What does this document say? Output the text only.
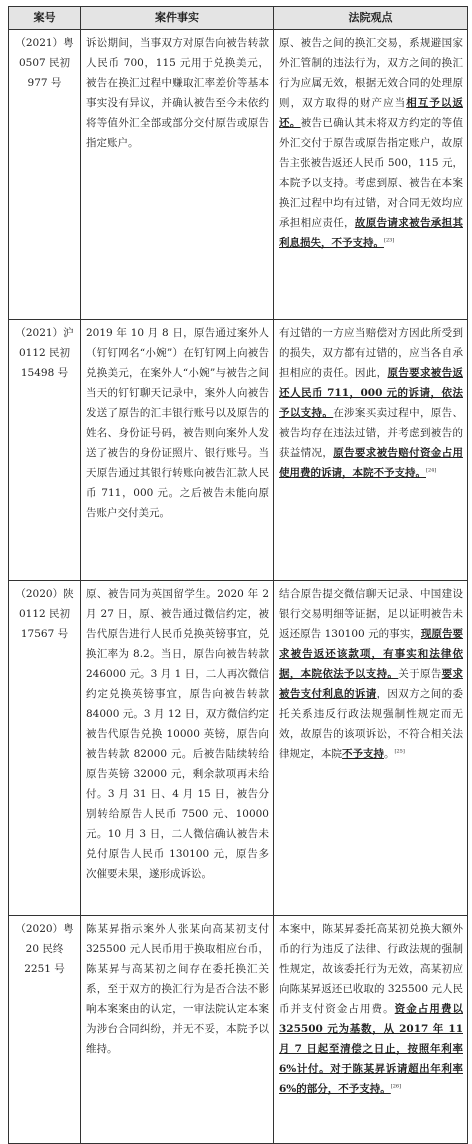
案号	案件事实	法院观点
（2021）粤 0507 民初 977 号	诉讼期间，当事双方对原告向被告转款人民币 700，115 元用于兑换美元，被告在换汇过程中赚取汇率差价等基本事实没有异议，并确认被告至今未依约将等值外汇全部或部分交付原告或原告指定账户。	原、被告之间的换汇交易，系规避国家外汇管制的违法行为，双方之间的换汇行为应属无效，根据无效合同的处理原则，双方取得的财产应当相互予以返还。被告已确认其未将双方约定的等值外汇交付于原告或原告指定账户，故原告主张被告返还人民币 500，115 元，本院予以支持。考虑到原、被告在本案换汇过程中均有过错，对合同无效均应承担相应责任，故原告请求被告承担其利息损失，不予支持。[23]
（2021）沪 0112 民初 15498 号	2019 年 10 月 8 日，原告通过案外人（钉钉网名“小婉”）在钉钉网上向被告兑换美元，在案外人“小婉”与被告之间当天的钉钉聊天记录中，案外人向被告发送了原告的汇丰银行账号以及原告的姓名、身份证号码，被告则向案外人发送了被告的身份证照片、银行账号。当天原告通过其银行转账向被告汇款人民币 711，000 元。之后被告未能向原告账户交付美元。	有过错的一方应当赔偿对方因此所受到的损失，双方都有过错的，应当各自承担相应的责任。因此，原告要求被告返还人民币 711，000 元的诉请，依法予以支持。在涉案买卖过程中，原告、被告均存在违法过错，并考虑到被告的获益情况，原告要求被告赔付资金占用使用费的诉请，本院不予支持。[24]
（2020）陕 0112 民初 17567 号	原、被告同为英国留学生。2020 年 2 月 27 日，原、被告通过微信约定，被告代原告进行人民币兑换英镑事宜，兑换汇率为 8.2。当日，原告向被告转款 246000 元。3 月 1 日，二人再次微信约定兑换英镑事宜，原告向被告转款 84000 元。3 月 12 日，双方微信约定被告代原告兑换 10000 英镑，原告向被告转款 82000 元。后被告陆续转给原告英镑 32000 元，剩余款项再未给付。3 月 31 日、4 月 15 日，被告分别转给原告人民币 7500 元、10000 元。10 月 3 日，二人微信确认被告未兑付原告人民币 130100 元，原告多次催要未果，遂形成诉讼。	结合原告提交微信聊天记录、中国建设银行交易明细等证据，足以证明被告未返还原告 130100 元的事实，现原告要求被告返还该款项，有事实和法律依据，本院依法予以支持。关于原告要求被告支付利息的诉请，因双方之间的委托关系违反行政法规强制性规定而无效，故原告的该项诉讼，不符合相关法律规定，本院不予支持。[25]
（2020）粤 20 民终 2251 号	陈某昇指示案外人张某向高某初支付 325500 元人民币用于换取相应台币，陈某昇与高某初之间存在委托换汇关系，至于双方的换汇行为是否合法不影响本案案由的认定，一审法院认定本案为涉台合同纠纷，并无不妥，本院予以维持。	本案中，陈某昇委托高某初兑换大额外币的行为违反了法律、行政法规的强制性规定，故该委托行为无效，高某初应向陈某昇返还已收取的 325500 元人民币并支付资金占用费。资金占用费以 325500 元为基数，从 2017 年 11 月 7 日起至清偿之日止，按照年利率 6%计付。对于陈某昇诉请超出年利率 6%的部分，不予支持。[26]
